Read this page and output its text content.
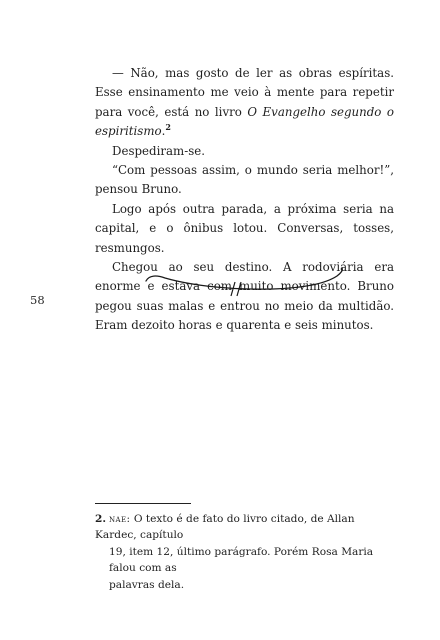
— Não, mas gosto de ler as obras espíritas. Esse ensinamento me veio à mente para repetir para você, está no livro O Evangelho segundo o espiritismo.$^2$

Despediram-se.

“Com pessoas assim, o mundo seria melhor!”, pensou Bruno.

Logo após outra parada, a próxima seria na capital, e o ônibus lotou. Conversas, tosses, resmungos.

Chegou ao seu destino. A rodoviária era enorme e estava com muito movimento. Bruno pegou suas malas e entrou no meio da multidão. Eram dezoito horas e quarenta e seis minutos.

58
2. nae: O texto é de fato do livro citado, de Allan Kardec, capítulo
19, item 12, último parágrafo. Porém Rosa Maria falou com as
palavras dela.
